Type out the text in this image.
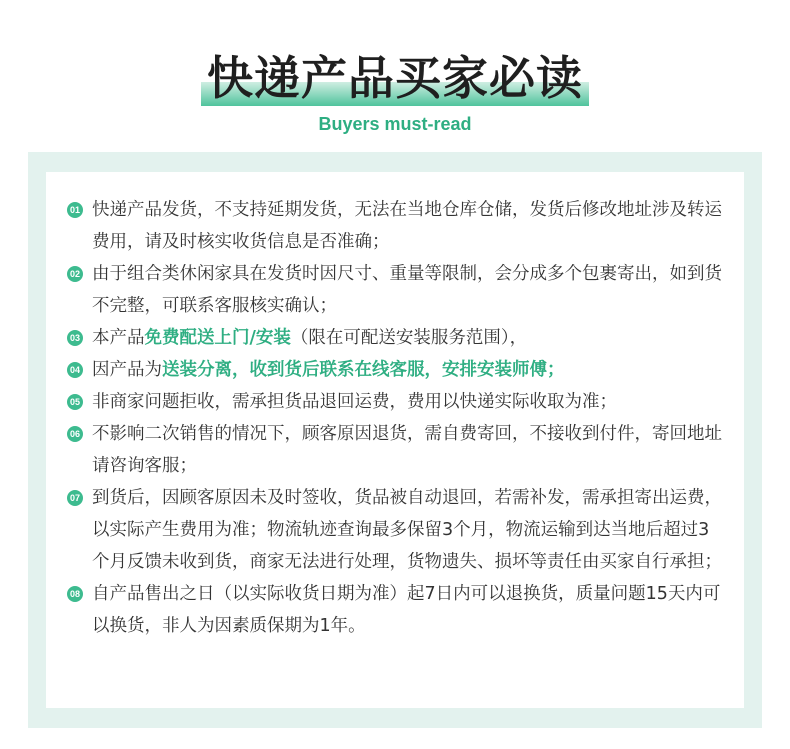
快递产品买家必读
Buyers must-read
01 快递产品发货，不支持延期发货，无法在当地仓库仓储，发货后修改地址涉及转运费用，请及时核实收货信息是否准确；
02 由于组合类休闲家具在发货时因尺寸、重量等限制，会分成多个包裹寄出，如到货不完整，可联系客服核实确认；
03 本产品免费配送上门/安装（限在可配送安装服务范围），
04 因产品为送装分离，收到货后联系在线客服，安排安装师傅；
05 非商家问题拒收，需承担货品退回运费，费用以快递实际收取为准；
06 不影响二次销售的情况下，顾客原因退货，需自费寄回，不接收到付件，寄回地址请咨询客服；
07 到货后，因顾客原因未及时签收，货品被自动退回，若需补发，需承担寄出运费，以实际产生费用为准；物流轨迹查询最多保留3个月，物流运输到达当地后超过3个月反馈未收到货，商家无法进行处理，货物遗失、损坏等责任由买家自行承担；
08 自产品售出之日（以实际收货日期为准）起7日内可以退换货，质量问题15天内可以换货，非人为因素质保期为1年。
